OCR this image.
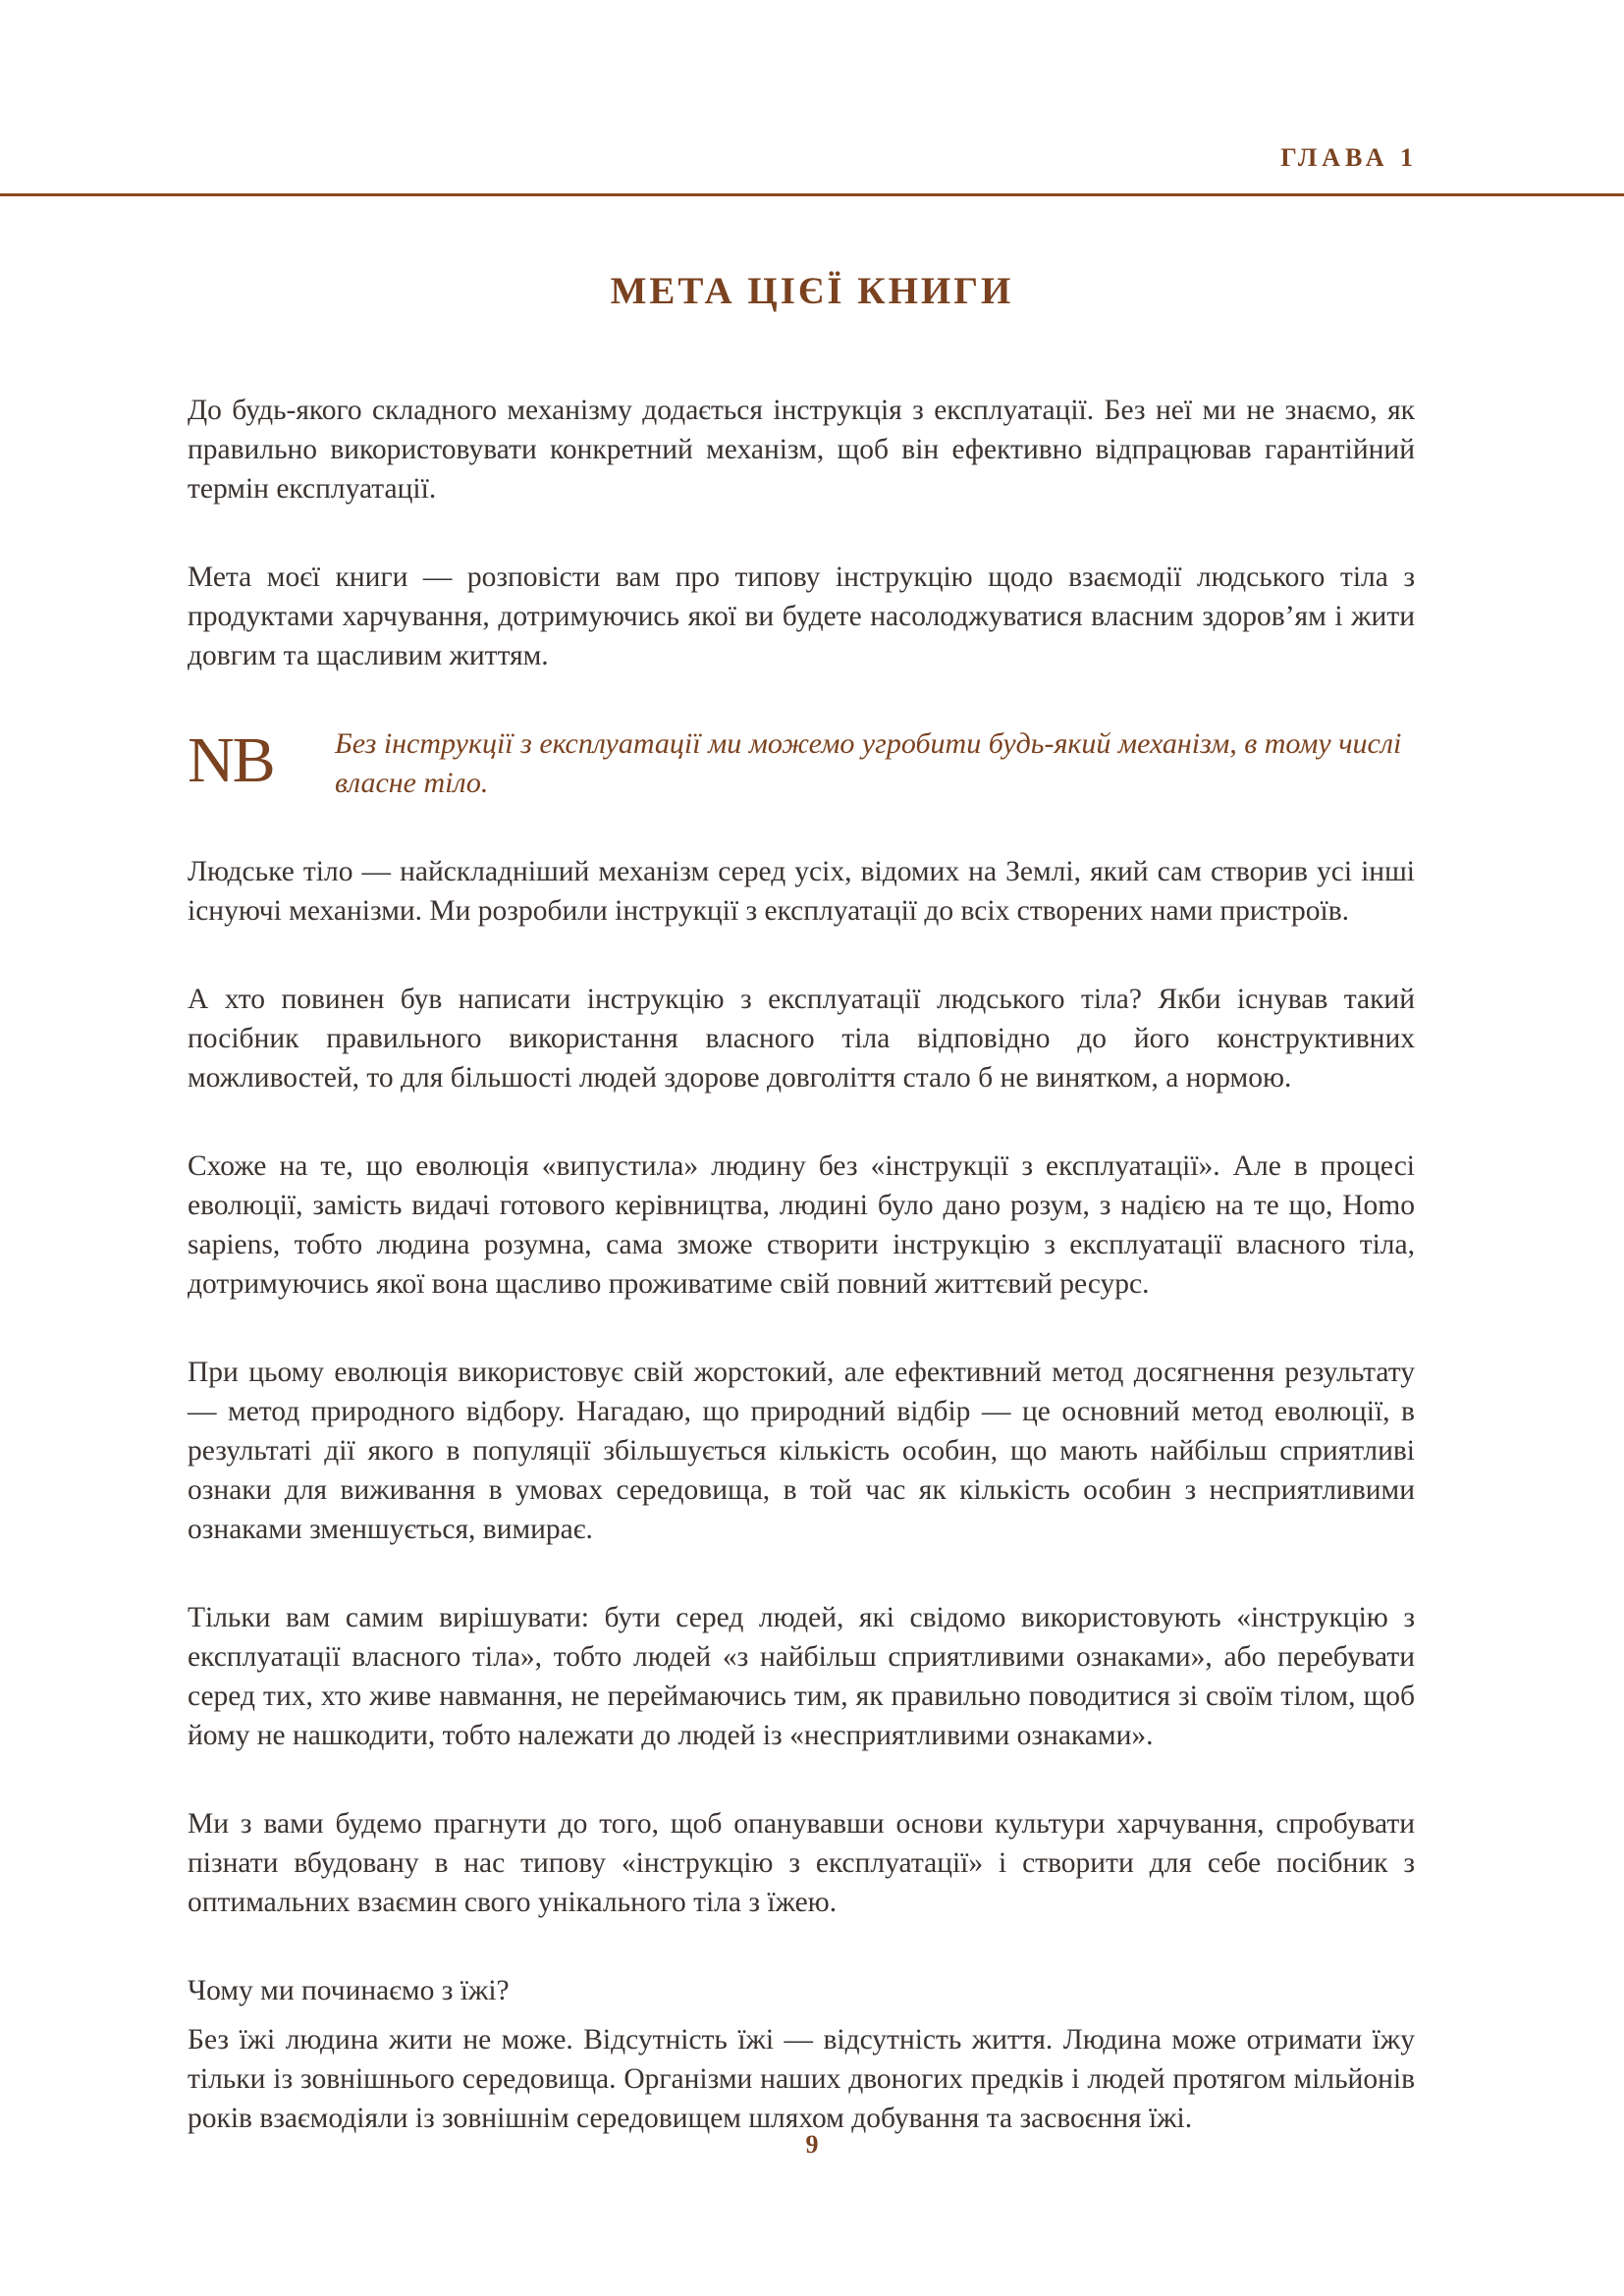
ГЛАВА 1
МЕТА ЦІЄЇ КНИГИ

До будь-якого складного механізму додається інструкція з експлуатації. Без неї ми не знаємо, як правильно використовувати конкретний механізм, щоб він ефективно відпрацював гарантійний термін експлуатації.

Мета моєї книги — розповісти вам про типову інструкцію щодо взаємодії людського тіла з продуктами харчування, дотримуючись якої ви будете насолоджуватися власним здоров’ям і жити довгим та щасливим життям.

NB	Без інструкції з експлуатації ми можемо угробити будь-який механізм, в тому числі власне тіло.

Людське тіло — найскладніший механізм серед усіх, відомих на Землі, який сам створив усі інші існуючі механізми. Ми розробили інструкції з експлуатації до всіх створених нами пристроїв.

А хто повинен був написати інструкцію з експлуатації людського тіла? Якби існував такий посібник правильного використання власного тіла відповідно до його конструктивних можливостей, то для більшості людей здорове довголіття стало б не винятком, а нормою.

Схоже на те, що еволюція «випустила» людину без «інструкції з експлуатації». Але в процесі еволюції, замість видачі готового керівництва, людині було дано розум, з надією на те що, Homo sapiens, тобто людина розумна, сама зможе створити інструкцію з експлуатації власного тіла, дотримуючись якої вона щасливо проживатиме свій повний життєвий ресурс.

При цьому еволюція використовує свій жорстокий, але ефективний метод досягнення результату — метод природного відбору. Нагадаю, що природний відбір — це основний метод еволюції, в результаті дії якого в популяції збільшується кількість особин, що мають найбільш сприятливі ознаки для виживання в умовах середовища, в той час як кількість особин з несприятливими ознаками зменшується, вимирає.

Тільки вам самим вирішувати: бути серед людей, які свідомо використовують «інструкцію з експлуатації власного тіла», тобто людей «з найбільш сприятливими ознаками», або перебувати серед тих, хто живе навмання, не переймаючись тим, як правильно поводитися зі своїм тілом, щоб йому не нашкодити, тобто належати до людей із «несприятливими ознаками».

Ми з вами будемо прагнути до того, щоб опанувавши основи культури харчування, спробувати пізнати вбудовану в нас типову «інструкцію з експлуатації» і створити для себе посібник з оптимальних взаємин свого унікального тіла з їжею.

Чому ми починаємо з їжі?

Без їжі людина жити не може. Відсутність їжі — відсутність життя. Людина може отримати їжу тільки із зовнішнього середовища. Організми наших двоногих предків і людей протягом мільйонів років взаємодіяли із зовнішнім середовищем шляхом добування та засвоєння їжі.

9
